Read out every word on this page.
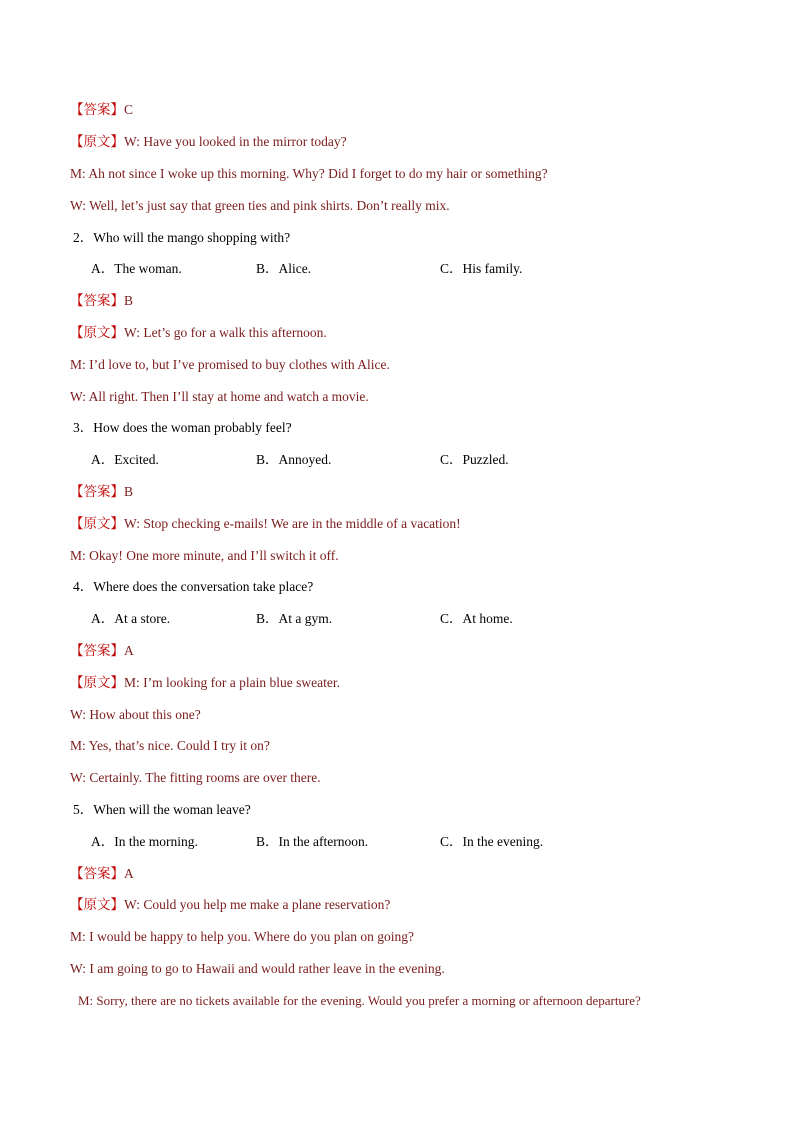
【答案】C
【原文】W: Have you looked in the mirror today?
M: Ah not since I woke up this morning. Why? Did I forget to do my hair or something?
W: Well, let’s just say that green ties and pink shirts. Don’t really mix.
2．Who will the mango shopping with?
A．The woman.	B．Alice.	C．His family.
【答案】B
【原文】W: Let’s go for a walk this afternoon.
M: I’d love to, but I’ve promised to buy clothes with Alice.
W: All right. Then I’ll stay at home and watch a movie.
3．How does the woman probably feel?
A．Excited.	B．Annoyed.	C．Puzzled.
【答案】B
【原文】W: Stop checking e-mails! We are in the middle of a vacation!
M: Okay! One more minute, and I’ll switch it off.
4．Where does the conversation take place?
A．At a store.	B．At a gym.	C．At home.
【答案】A
【原文】M: I’m looking for a plain blue sweater.
W: How about this one?
M: Yes, that’s nice. Could I try it on?
W: Certainly. The fitting rooms are over there.
5．When will the woman leave?
A．In the morning.	B．In the afternoon.	C．In the evening.
【答案】A
【原文】W: Could you help me make a plane reservation?
M: I would be happy to help you. Where do you plan on going?
W: I am going to go to Hawaii and would rather leave in the evening.
M: Sorry, there are no tickets available for the evening. Would you prefer a morning or afternoon departure?
